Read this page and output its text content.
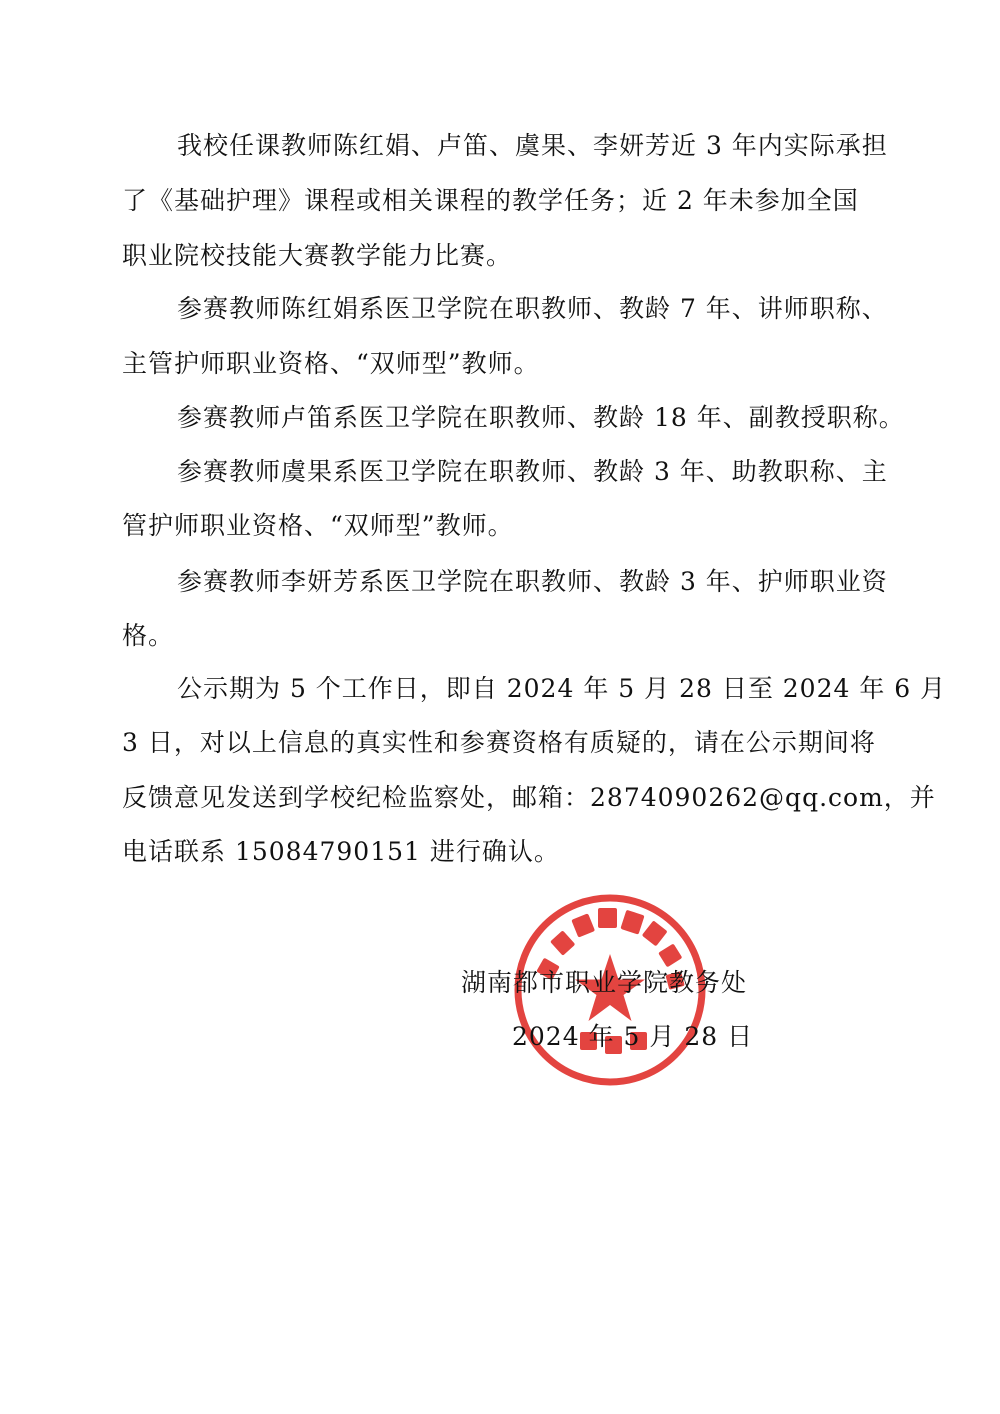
我校任课教师陈红娟、卢笛、虞果、李妍芳近 3 年内实际承担
了《基础护理》课程或相关课程的教学任务；近 2 年未参加全国
职业院校技能大赛教学能力比赛。
参赛教师陈红娟系医卫学院在职教师、教龄 7 年、讲师职称、
主管护师职业资格、“双师型”教师。
参赛教师卢笛系医卫学院在职教师、教龄 18 年、副教授职称。
参赛教师虞果系医卫学院在职教师、教龄 3 年、助教职称、主
管护师职业资格、“双师型”教师。
参赛教师李妍芳系医卫学院在职教师、教龄 3 年、护师职业资
格。
公示期为 5 个工作日，即自 2024 年 5 月 28 日至 2024 年 6 月
3 日，对以上信息的真实性和参赛资格有质疑的，请在公示期间将
反馈意见发送到学校纪检监察处，邮箱：2874090262@qq.com，并
电话联系 15084790151 进行确认。
湖南都市职业学院教务处
2024 年 5 月 28 日
